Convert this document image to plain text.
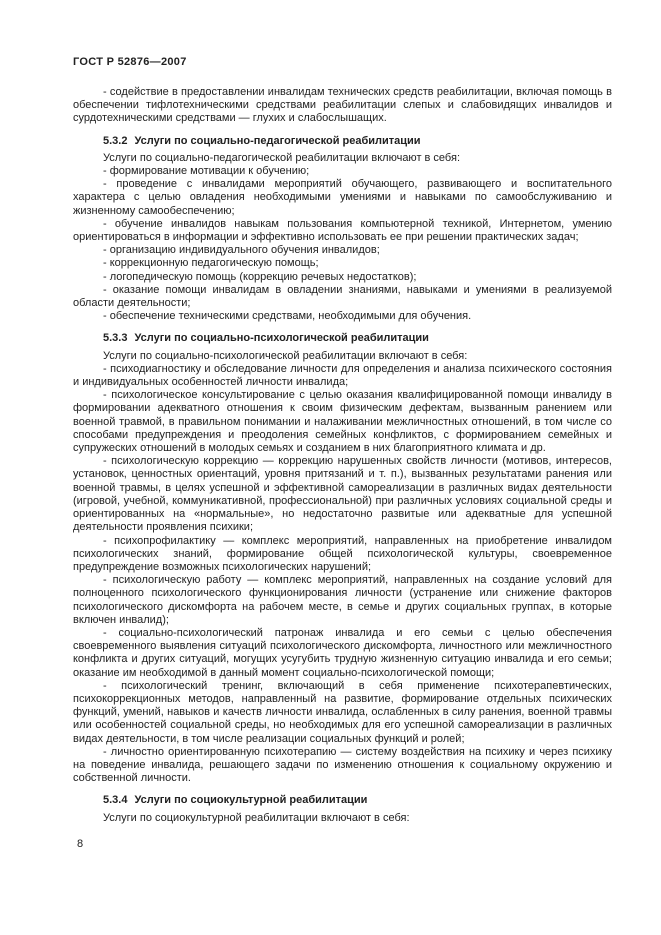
ГОСТ Р 52876—2007

- содействие в предоставлении инвалидам технических средств реабилитации, включая помощь в обеспечении тифлотехническими средствами реабилитации слепых и слабовидящих инвалидов и сурдотехническими средствами — глухих и слабослышащих.

5.3.2 Услуги по социально-педагогической реабилитации

Услуги по социально-педагогической реабилитации включают в себя:

- формирование мотивации к обучению;

- проведение с инвалидами мероприятий обучающего, развивающего и воспитательного характера с целью овладения необходимыми умениями и навыками по самообслуживанию и жизненному самообеспечению;

- обучение инвалидов навыкам пользования компьютерной техникой, Интернетом, умению ориентироваться в информации и эффективно использовать ее при решении практических задач;

- организацию индивидуального обучения инвалидов;

- коррекционную педагогическую помощь;

- логопедическую помощь (коррекцию речевых недостатков);

- оказание помощи инвалидам в овладении знаниями, навыками и умениями в реализуемой области деятельности;

- обеспечение техническими средствами, необходимыми для обучения.

5.3.3 Услуги по социально-психологической реабилитации

Услуги по социально-психологической реабилитации включают в себя:

- психодиагностику и обследование личности для определения и анализа психического состояния и индивидуальных особенностей личности инвалида;

- психологическое консультирование с целью оказания квалифицированной помощи инвалиду в формировании адекватного отношения к своим физическим дефектам, вызванным ранением или военной травмой, в правильном понимании и налаживании межличностных отношений, в том числе со способами предупреждения и преодоления семейных конфликтов, с формированием семейных и супружеских отношений в молодых семьях и созданием в них благоприятного климата и др.

- психологическую коррекцию — коррекцию нарушенных свойств личности (мотивов, интересов, установок, ценностных ориентаций, уровня притязаний и т. п.), вызванных результатами ранения или военной травмы, в целях успешной и эффективной самореализации в различных видах деятельности (игровой, учебной, коммуникативной, профессиональной) при различных условиях социальной среды и ориентированных на «нормальные», но недостаточно развитые или адекватные для успешной деятельности проявления психики;

- психопрофилактику — комплекс мероприятий, направленных на приобретение инвалидом психологических знаний, формирование общей психологической культуры, своевременное предупреждение возможных психологических нарушений;

- психологическую работу — комплекс мероприятий, направленных на создание условий для полноценного психологического функционирования личности (устранение или снижение факторов психологического дискомфорта на рабочем месте, в семье и других социальных группах, в которые включен инвалид);

- социально-психологический патронаж инвалида и его семьи с целью обеспечения своевременного выявления ситуаций психологического дискомфорта, личностного или межличностного конфликта и других ситуаций, могущих усугубить трудную жизненную ситуацию инвалида и его семьи; оказание им необходимой в данный момент социально-психологической помощи;

- психологический тренинг, включающий в себя применение психотерапевтических, психокоррекционных методов, направленный на развитие, формирование отдельных психических функций, умений, навыков и качеств личности инвалида, ослабленных в силу ранения, военной травмы или особенностей социальной среды, но необходимых для его успешной самореализации в различных видах деятельности, в том числе реализации социальных функций и ролей;

- личностно ориентированную психотерапию — систему воздействия на психику и через психику на поведение инвалида, решающего задачи по изменению отношения к социальному окружению и собственной личности.

5.3.4 Услуги по социокультурной реабилитации

Услуги по социокультурной реабилитации включают в себя:

8
